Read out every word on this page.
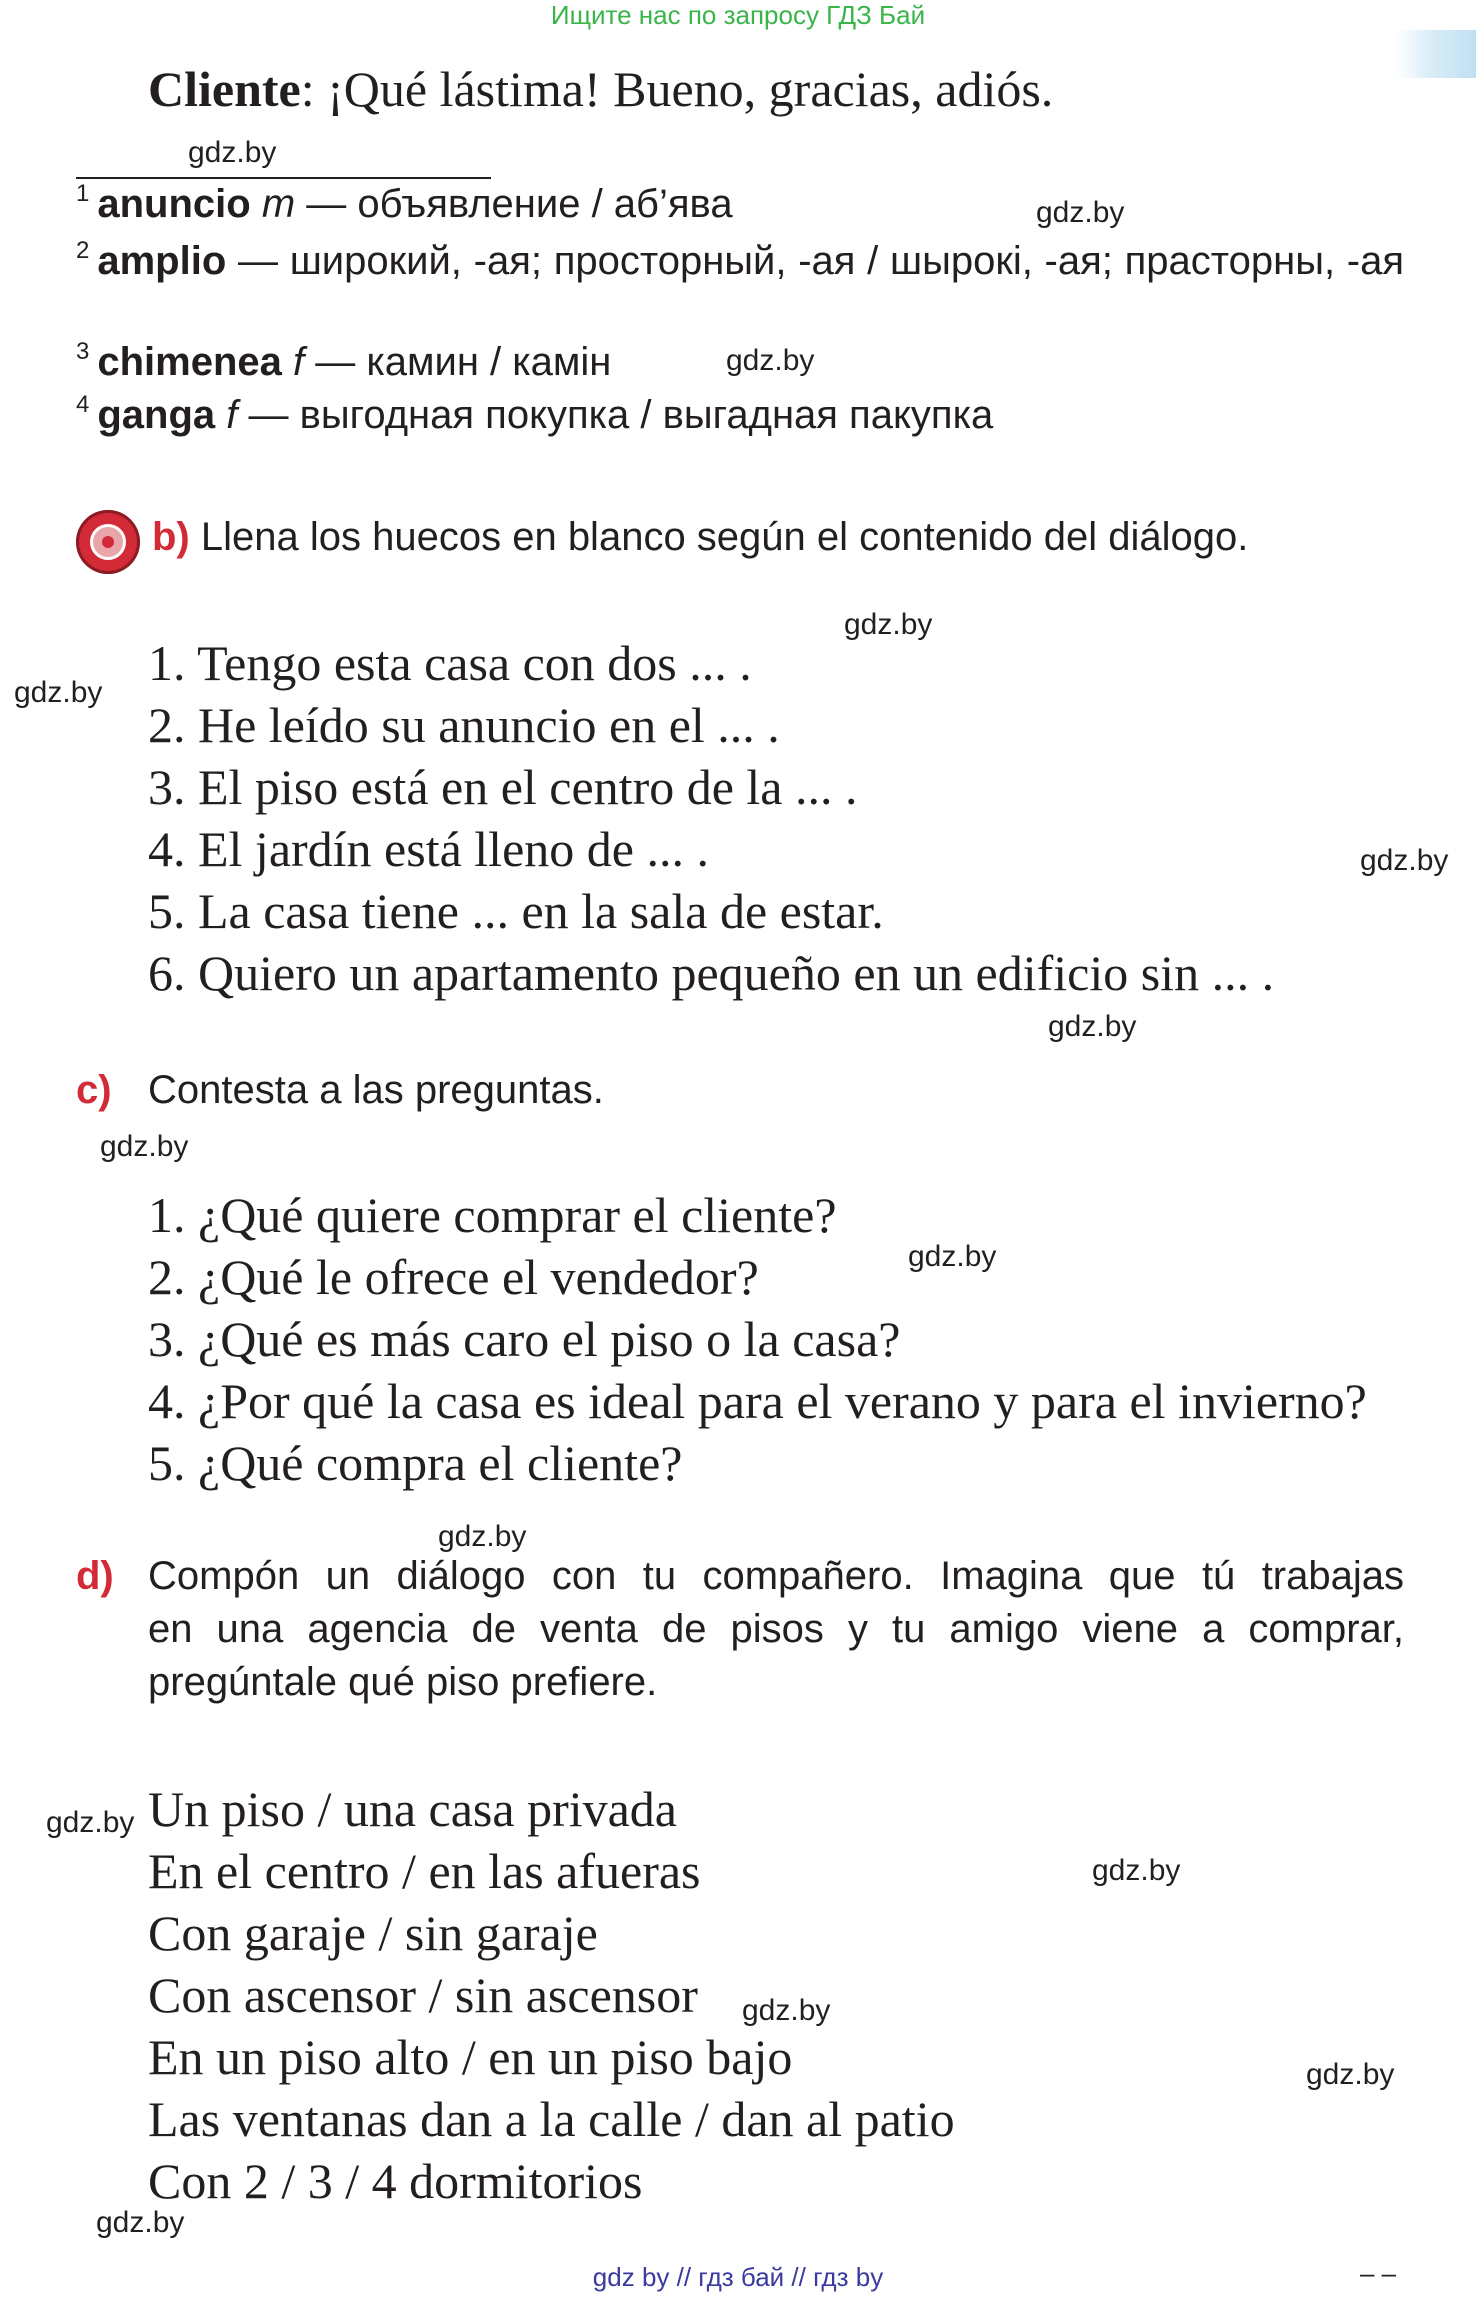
Ищите нас по запросу ГДЗ Бай
Cliente: ¡Qué lástima! Bueno, gracias, adiós.
$^1$ anuncio m — объявление / аб’ява
$^2$ amplio — широкий, -ая; просторный, -ая / шырокі, -ая; прасторны, -ая
$^3$ chimenea f — камин / камін
$^4$ ganga f — выгодная покупка / выгадная пакупка
b) Llena los huecos en blanco según el contenido del diálogo.
1. Tengo esta casa con dos ... .
2. He leído su anuncio en el ... .
3. El piso está en el centro de la ... .
4. El jardín está lleno de ... .
5. La casa tiene ... en la sala de estar.
6. Quiero un apartamento pequeño en un edificio sin ... .
c) Contesta a las preguntas.
1. ¿Qué quiere comprar el cliente?
2. ¿Qué le ofrece el vendedor?
3. ¿Qué es más caro el piso o la casa?
4. ¿Por qué la casa es ideal para el verano y para el invierno?
5. ¿Qué compra el cliente?
d) Compón un diálogo con tu compañero. Imagina que tú trabajas
en una agencia de venta de pisos y tu amigo viene a comprar,
pregúntale qué piso prefiere.
Un piso / una casa privada
En el centro / en las afueras
Con garaje / sin garaje
Con ascensor / sin ascensor
En un piso alto / en un piso bajo
Las ventanas dan a la calle / dan al patio
Con 2 / 3 / 4 dormitorios
gdz.by
gdz.by
gdz.by
gdz.by
gdz.by
gdz.by
gdz.by
gdz.by
gdz.by
gdz.by
gdz.by
gdz.by
gdz.by
gdz.by
gdz.by
gdz by // гдз бай // гдз by	– –
